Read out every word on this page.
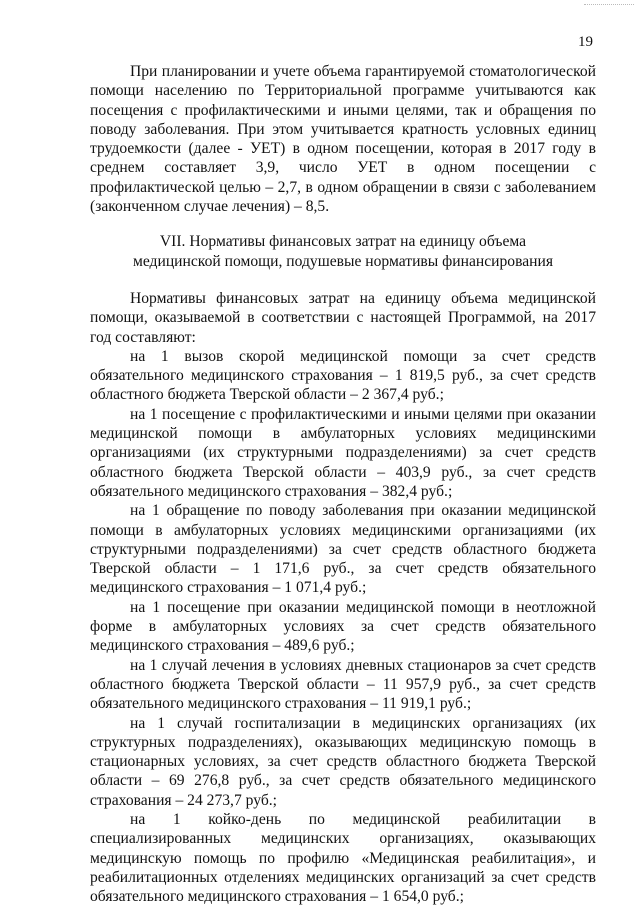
19

При планировании и учете объема гарантируемой стоматологической помощи населению по Территориальной программе учитываются как посещения с профилактическими и иными целями, так и обращения по поводу заболевания. При этом учитывается кратность условных единиц трудоемкости (далее - УЕТ) в одном посещении, которая в 2017 году в среднем составляет 3,9, число УЕТ в одном посещении с профилактической целью – 2,7, в одном обращении в связи с заболеванием (законченном случае лечения) – 8,5.

VII. Нормативы финансовых затрат на единицу объема
медицинской помощи, подушевые нормативы финансирования

Нормативы финансовых затрат на единицу объема медицинской помощи, оказываемой в соответствии с настоящей Программой, на 2017 год составляют:

на 1 вызов скорой медицинской помощи за счет средств обязательного медицинского страхования – 1 819,5 руб., за счет средств областного бюджета Тверской области – 2 367,4 руб.;

на 1 посещение с профилактическими и иными целями при оказании медицинской помощи в амбулаторных условиях медицинскими организациями (их структурными подразделениями) за счет средств областного бюджета Тверской области – 403,9 руб., за счет средств обязательного медицинского страхования – 382,4 руб.;

на 1 обращение по поводу заболевания при оказании медицинской помощи в амбулаторных условиях медицинскими организациями (их структурными подразделениями) за счет средств областного бюджета Тверской области – 1 171,6 руб., за счет средств обязательного медицинского страхования – 1 071,4 руб.;

на 1 посещение при оказании медицинской помощи в неотложной форме в амбулаторных условиях за счет средств обязательного медицинского страхования – 489,6 руб.;

на 1 случай лечения в условиях дневных стационаров за счет средств областного бюджета Тверской области – 11 957,9 руб., за счет средств обязательного медицинского страхования – 11 919,1 руб.;

на 1 случай госпитализации в медицинских организациях (их структурных подразделениях), оказывающих медицинскую помощь в стационарных условиях, за счет средств областного бюджета Тверской области – 69 276,8 руб., за счет средств обязательного медицинского страхования – 24 273,7 руб.;

на 1 койко-день по медицинской реабилитации в специализированных медицинских организациях, оказывающих медицинскую помощь по профилю «Медицинская реабилитация», и реабилитационных отделениях медицинских организаций за счет средств обязательного медицинского страхования – 1 654,0 руб.;
